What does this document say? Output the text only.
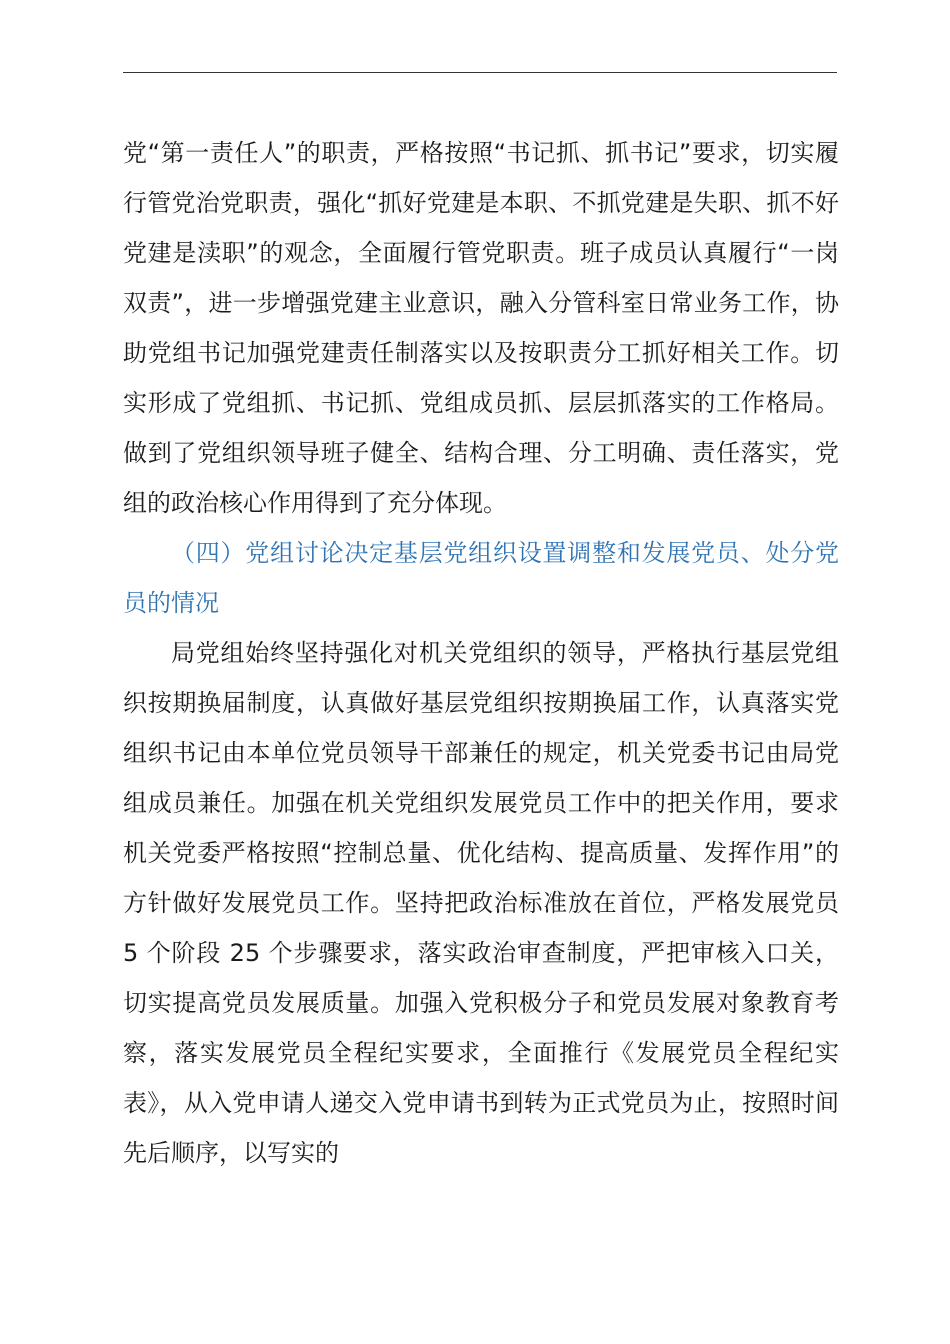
党“第一责任人”的职责，严格按照“书记抓、抓书记”要求，切实履行管党治党职责，强化“抓好党建是本职、不抓党建是失职、抓不好党建是渎职”的观念，全面履行管党职责。班子成员认真履行“一岗双责”，进一步增强党建主业意识，融入分管科室日常业务工作，协助党组书记加强党建责任制落实以及按职责分工抓好相关工作。切实形成了党组抓、书记抓、党组成员抓、层层抓落实的工作格局。做到了党组织领导班子健全、结构合理、分工明确、责任落实，党组的政治核心作用得到了充分体现。

（四）党组讨论决定基层党组织设置调整和发展党员、处分党员的情况

局党组始终坚持强化对机关党组织的领导，严格执行基层党组织按期换届制度，认真做好基层党组织按期换届工作，认真落实党组织书记由本单位党员领导干部兼任的规定，机关党委书记由局党组成员兼任。加强在机关党组织发展党员工作中的把关作用，要求机关党委严格按照“控制总量、优化结构、提高质量、发挥作用”的方针做好发展党员工作。坚持把政治标准放在首位，严格发展党员 5 个阶段 25 个步骤要求，落实政治审查制度，严把审核入口关，切实提高党员发展质量。加强入党积极分子和党员发展对象教育考察，落实发展党员全程纪实要求，全面推行《发展党员全程纪实表》，从入党申请人递交入党申请书到转为正式党员为止，按照时间先后顺序，以写实的
